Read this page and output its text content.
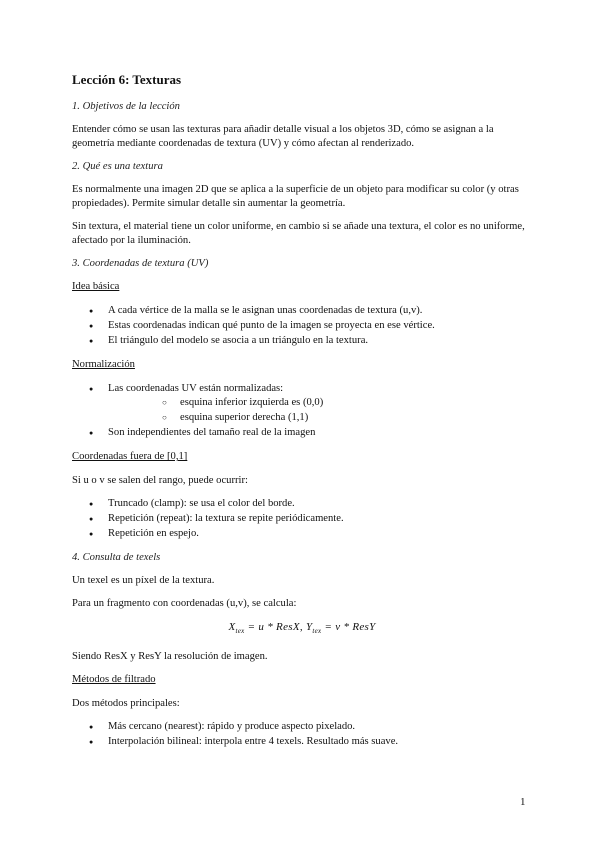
Lección 6: Texturas
1. Objetivos de la lección

Entender cómo se usan las texturas para añadir detalle visual a los objetos 3D, cómo se asignan a la geometría mediante coordenadas de textura (UV) y cómo afectan al renderizado.

2. Qué es una textura

Es normalmente una imagen 2D que se aplica a la superficie de un objeto para modificar su color (y otras propiedades). Permite simular detalle sin aumentar la geometría.

Sin textura, el material tiene un color uniforme, en cambio si se añade una textura, el color es no uniforme, afectado por la iluminación.

3. Coordenadas de textura (UV)

Idea básica

● A cada vértice de la malla se le asignan unas coordenadas de textura (u,v).
● Estas coordenadas indican qué punto de la imagen se proyecta en ese vértice.
● El triángulo del modelo se asocia a un triángulo en la textura.

Normalización

● Las coordenadas UV están normalizadas:
○ esquina inferior izquierda es (0,0)
○ esquina superior derecha (1,1)
● Son independientes del tamaño real de la imagen

Coordenadas fuera de [0,1]

Si u o v se salen del rango, puede ocurrir:

● Truncado (clamp): se usa el color del borde.
● Repetición (repeat): la textura se repite periódicamente.
● Repetición en espejo.
4. Consulta de texels

Un texel es un píxel de la textura.

Para un fragmento con coordenadas (u,v), se calcula:

$X_{tex} = u$ * ResX, $Y_{tex} = v$ * ResY

Siendo ResX y ResY la resolución de imagen.

Métodos de filtrado

Dos métodos principales:

● Más cercano (nearest): rápido y produce aspecto pixelado.
● Interpolación bilineal: interpola entre 4 texels. Resultado más suave.
1
